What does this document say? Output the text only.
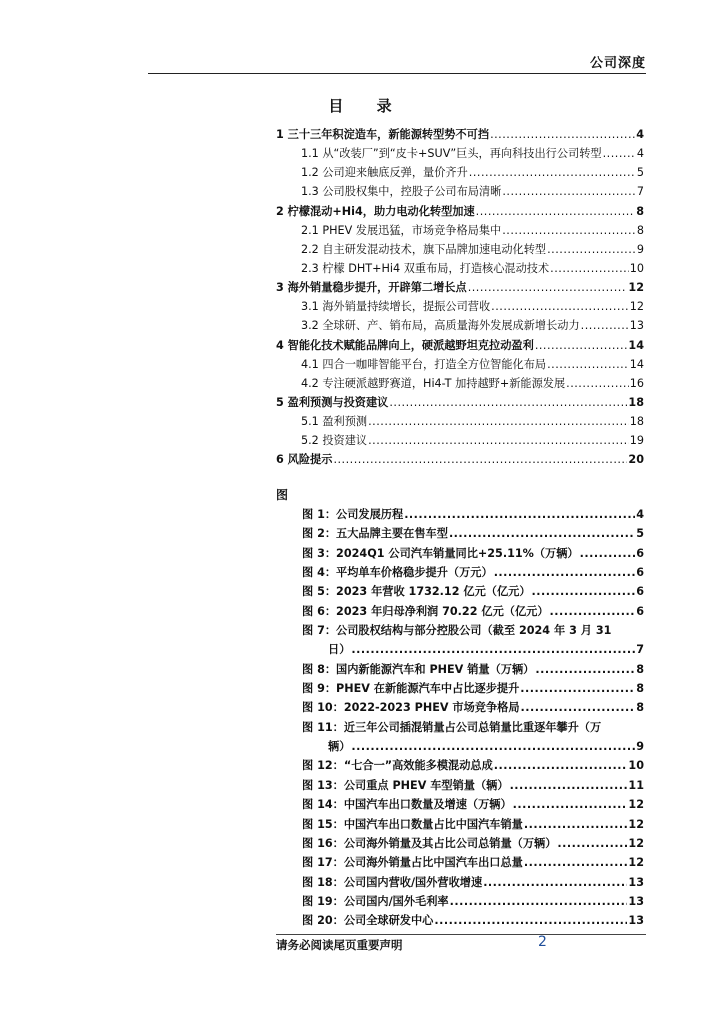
公司深度
目 录
1 三十三年积淀造车，新能源转型势不可挡 .....	4
1.1 从“改装厂”到“皮卡+SUV”巨头，再向科技出行公司转型 .....	4
1.2 公司迎来触底反弹，量价齐升 .....	5
1.3 公司股权集中，控股子公司布局清晰 .....	7
2 柠檬混动+Hi4，助力电动化转型加速 .....	8
2.1 PHEV 发展迅猛，市场竞争格局集中 .....	8
2.2 自主研发混动技术，旗下品牌加速电动化转型 .....	9
2.3 柠檬 DHT+Hi4 双重布局，打造核心混动技术 .....	10
3 海外销量稳步提升，开辟第二增长点 .....	12
3.1 海外销量持续增长，提振公司营收 .....	12
3.2 全球研、产、销布局，高质量海外发展成新增长动力 .....	13
4 智能化技术赋能品牌向上，硬派越野坦克拉动盈利 .....	14
4.1 四合一咖啡智能平台，打造全方位智能化布局 .....	14
4.2 专注硬派越野赛道，Hi4-T 加持越野+新能源发展 .....	16
5 盈利预测与投资建议 .....	18
5.1 盈利预测 .....	18
5.2 投资建议 .....	19
6 风险提示 .....	20
图
图 1：公司发展历程 .....	4
图 2：五大品牌主要在售车型 .....	5
图 3：2024Q1 公司汽车销量同比+25.11%（万辆） .....	6
图 4：平均单车价格稳步提升（万元） .....	6
图 5：2023 年营收 1732.12 亿元（亿元） .....	6
图 6：2023 年归母净利润 70.22 亿元（亿元） .....	6
图 7：公司股权结构与部分控股公司（截至 2024 年 3 月 31
日） .....	7
图 8：国内新能源汽车和 PHEV 销量（万辆） .....	8
图 9：PHEV 在新能源汽车中占比逐步提升 .....	8
图 10：2022-2023 PHEV 市场竞争格局 .....	8
图 11：近三年公司插混销量占公司总销量比重逐年攀升（万
辆） .....	9
图 12：“七合一”高效能多模混动总成 .....	10
图 13：公司重点 PHEV 车型销量（辆） .....	11
图 14：中国汽车出口数量及增速（万辆） .....	12
图 15：中国汽车出口数量占比中国汽车销量 .....	12
图 16：公司海外销量及其占比公司总销量（万辆） .....	12
图 17：公司海外销量占比中国汽车出口总量 .....	12
图 18：公司国内营收/国外营收增速 .....	13
图 19：公司国内/国外毛利率 .....	13
图 20：公司全球研发中心 .....	13
请务必阅读尾页重要声明	2
